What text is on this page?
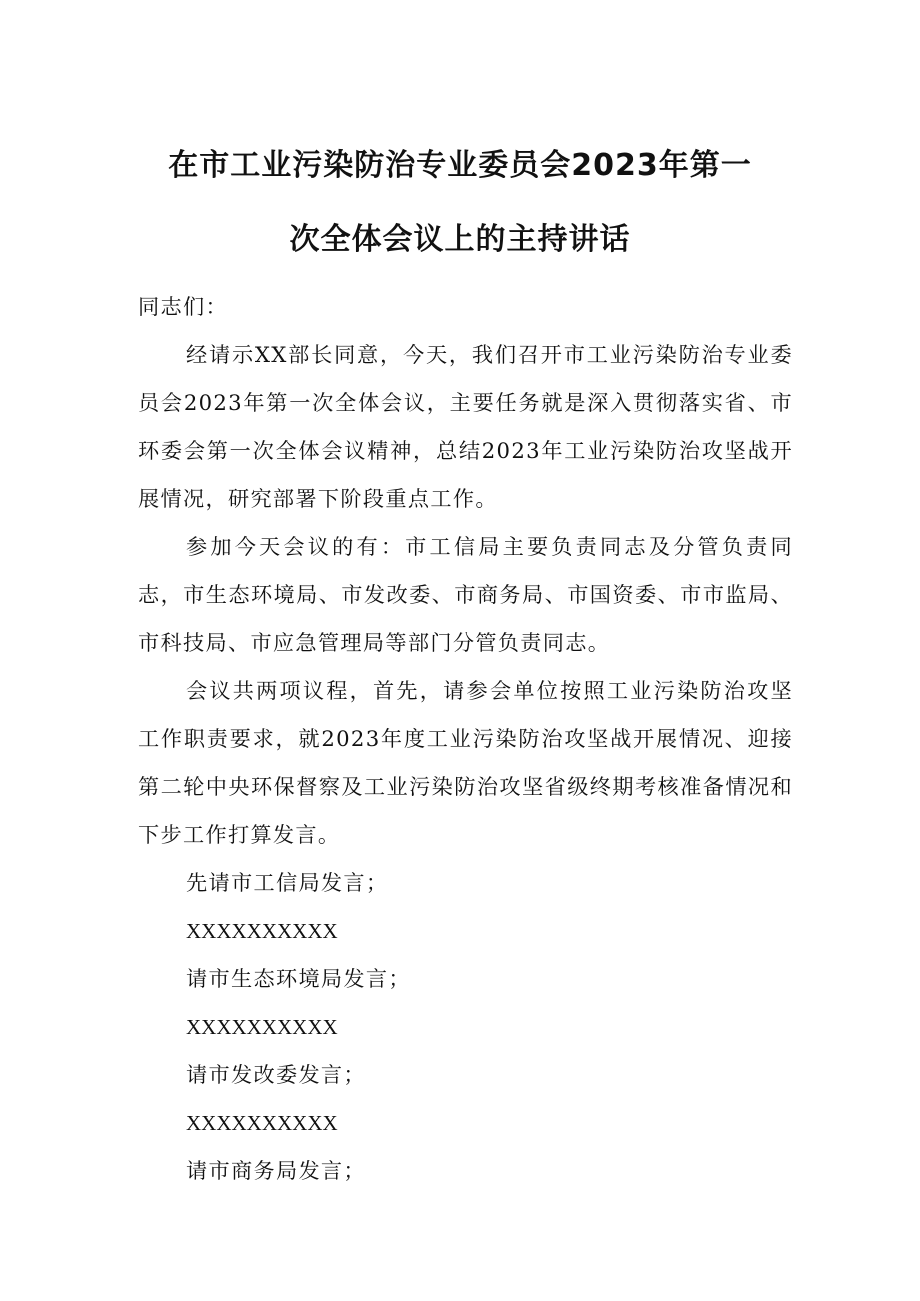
在市工业污染防治专业委员会2023年第一
次全体会议上的主持讲话

同志们：

经请示XX部长同意，今天，我们召开市工业污染防治专业委员会2023年第一次全体会议，主要任务就是深入贯彻落实省、市环委会第一次全体会议精神，总结2023年工业污染防治攻坚战开展情况，研究部署下阶段重点工作。

参加今天会议的有：市工信局主要负责同志及分管负责同志，市生态环境局、市发改委、市商务局、市国资委、市市监局、市科技局、市应急管理局等部门分管负责同志。

会议共两项议程，首先，请参会单位按照工业污染防治攻坚工作职责要求，就2023年度工业污染防治攻坚战开展情况、迎接第二轮中央环保督察及工业污染防治攻坚省级终期考核准备情况和下步工作打算发言。

先请市工信局发言；

XXXXXXXXXX

请市生态环境局发言；

XXXXXXXXXX

请市发改委发言；

XXXXXXXXXX

请市商务局发言；
